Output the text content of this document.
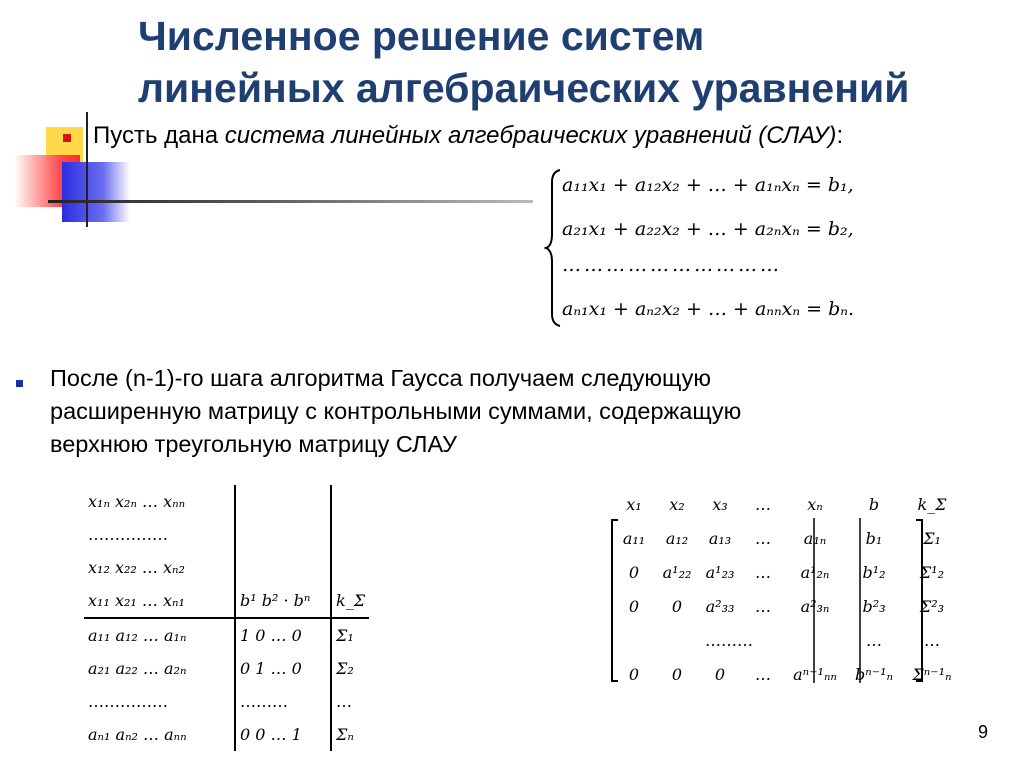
Численное решение систем
линейных алгебраических уравнений
Пусть дана система линейных алгебраических уравнений (СЛАУ):
a₁₁x₁ + a₁₂x₂ + … + a₁ₙxₙ = b₁,
a₂₁x₁ + a₂₂x₂ + … + a₂ₙxₙ = b₂,
…………………………
aₙ₁x₁ + aₙ₂x₂ + … + aₙₙxₙ = bₙ.
После (n-1)-го шага алгоритма Гаусса получаем следующую
расширенную матрицу с контрольными суммами, содержащую
верхнюю треугольную матрицу СЛАУ
x₁ₙ x₂ₙ … xₙₙ		
……………		
x₁₂ x₂₂ … xₙ₂		
x₁₁ x₂₁ … xₙ₁	b¹ b² · bⁿ	k_Σ
a₁₁ a₁₂ … a₁ₙ	1 0 … 0	Σ₁
a₂₁ a₂₂ … a₂ₙ	0 1 … 0	Σ₂
……………	………	…
aₙ₁ aₙ₂ … aₙₙ	0 0 … 1	Σₙ
x₁	x₂	x₃	…	xₙ	b	k_Σ
a₁₁	a₁₂	a₁₃	…	a₁ₙ	b₁	Σ₁
0	a¹₂₂	a¹₂₃	…	a¹₂ₙ	b¹₂	Σ¹₂
0	0	a²₃₃	…	a²₃ₙ	b²₃	Σ²₃
………					…	…
0	0	0	…	aⁿ⁻¹ₙₙ	bⁿ⁻¹ₙ	Σⁿ⁻¹ₙ
9
